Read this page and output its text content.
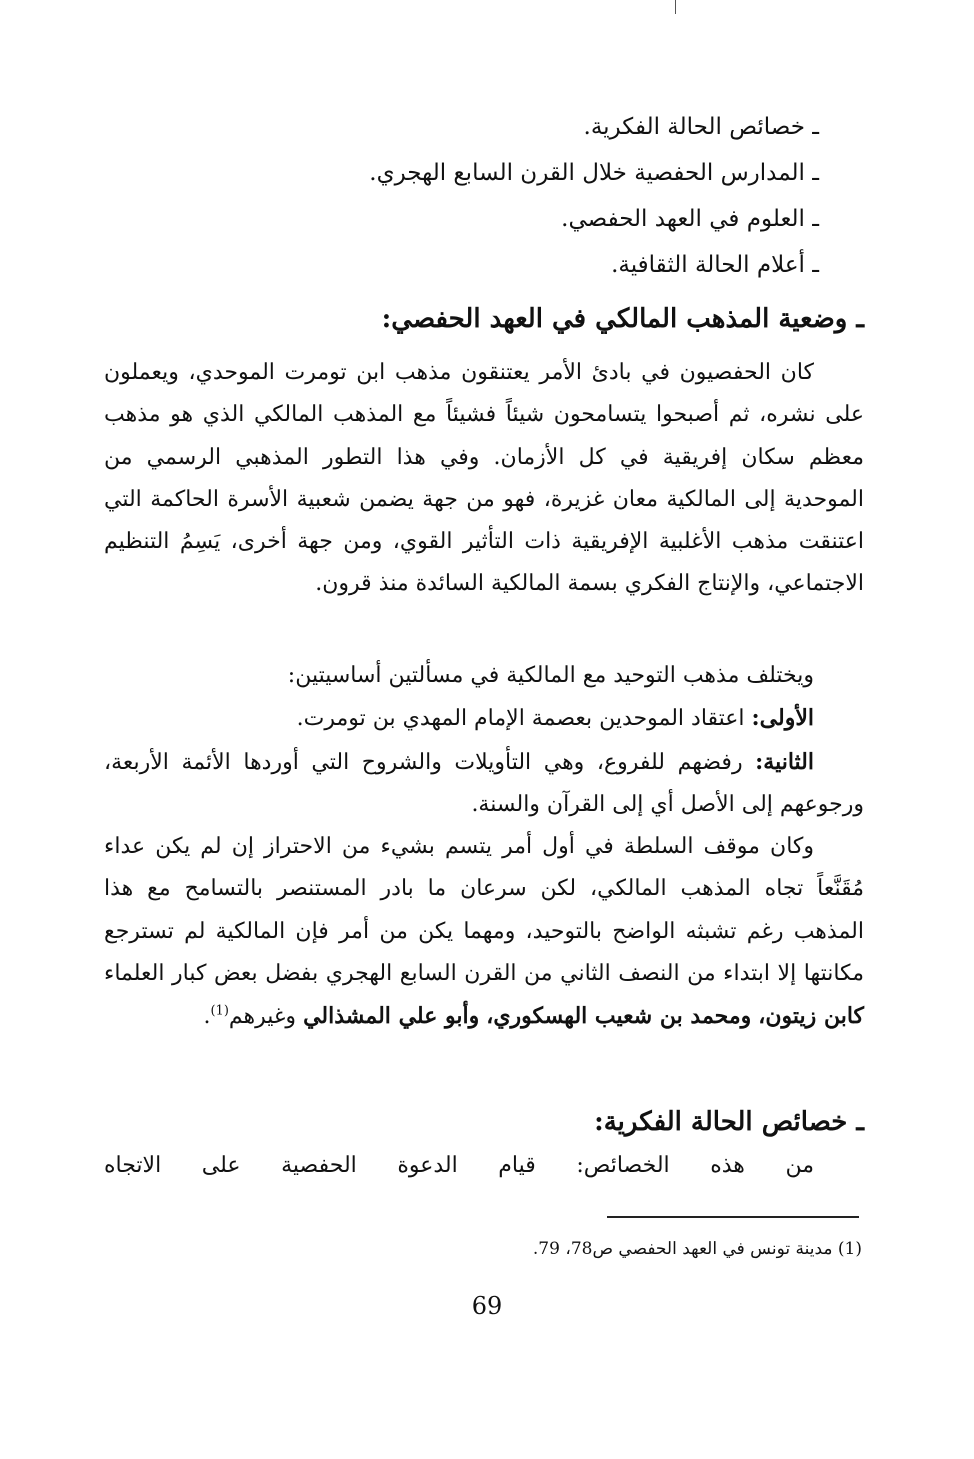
ـ خصائص الحالة الفكرية.
ـ المدارس الحفصية خلال القرن السابع الهجري.
ـ العلوم في العهد الحفصي.
ـ أعلام الحالة الثقافية.
ـ وضعية المذهب المالكي في العهد الحفصي:

كان الحفصيون في بادئ الأمر يعتنقون مذهب ابن تومرت الموحدي، ويعملون على نشره، ثم أصبحوا يتسامحون شيئاً فشيئاً مع المذهب المالكي الذي هو مذهب معظم سكان إفريقية في كل الأزمان. وفي هذا التطور المذهبي الرسمي من الموحدية إلى المالكية معان غزيرة، فهو من جهة يضمن شعبية الأسرة الحاكمة التي اعتنقت مذهب الأغلبية الإفريقية ذات التأثير القوي، ومن جهة أخرى، يَسِمُ التنظيم الاجتماعي، والإنتاج الفكري بسمة المالكية السائدة منذ قرون.

ويختلف مذهب التوحيد مع المالكية في مسألتين أساسيتين:

الأولى: اعتقاد الموحدين بعصمة الإمام المهدي بن تومرت.

الثانية: رفضهم للفروع، وهي التأويلات والشروح التي أوردها الأئمة الأربعة، ورجوعهم إلى الأصل أي إلى القرآن والسنة.

وكان موقف السلطة في أول أمر يتسم بشيء من الاحتراز إن لم يكن عداء مُقَنَّعاً تجاه المذهب المالكي، لكن سرعان ما بادر المستنصر بالتسامح مع هذا المذهب رغم تشبثه الواضح بالتوحيد، ومهما يكن من أمر فإن المالكية لم تسترجع مكانتها إلا ابتداء من النصف الثاني من القرن السابع الهجري بفضل بعض كبار العلماء كابن زيتون، ومحمد بن شعيب الهسكوري، وأبو علي المشذالي وغيرهم$^{(1)}$.

ـ خصائص الحالة الفكرية:

من هذه الخصائص: قيام الدعوة الحفصية على الاتجاه

(1) مدينة تونس في العهد الحفصي ص78، 79.
69
